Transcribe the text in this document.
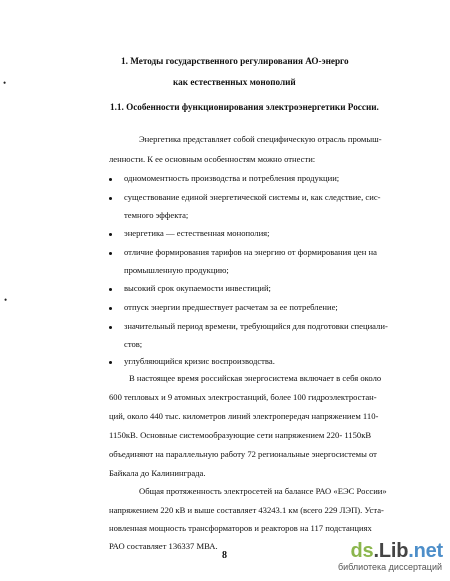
•
•
1. Методы государственного регулирования АО-энерго
как естественных монополий
1.1. Особенности функционирования электроэнергетики России.
Энергетика представляет собой специфическую отрасль промыш-
ленности. К ее основным особенностям можно отнести:
одномоментность производства и потребления продукции;
существование единой энергетической системы и, как следствие, сис-
темного эффекта;
энергетика — естественная монополия;
отличие формирования тарифов на энергию от формирования цен на
промышленную продукцию;
высокий срок окупаемости инвестиций;
отпуск энергии предшествует расчетам за ее потребление;
значительный период времени, требующийся для подготовки специали-
стов;
углубляющийся кризис воспроизводства.
В настоящее время российская энергосистема включает в себя около
600 тепловых и 9 атомных электростанций, более 100 гидроэлектростан-
ций, около 440 тыс. километров линий электропередач напряжением 110-
1150кВ. Основные системообразующие сети напряжением 220- 1150кВ
объединяют на параллельную работу 72 региональные энергосистемы от
Байкала до Калининграда.
Общая протяженность электросетей на балансе РАО «ЕЭС России»
напряжением 220 кВ и выше составляет 43243.1 км (всего 229 ЛЭП). Уста-
новленная мощность трансформаторов и реакторов на 117 подстанциях
РАО составляет 136337 МВА.
8	ds.Lib.net
библиотека диссертаций
